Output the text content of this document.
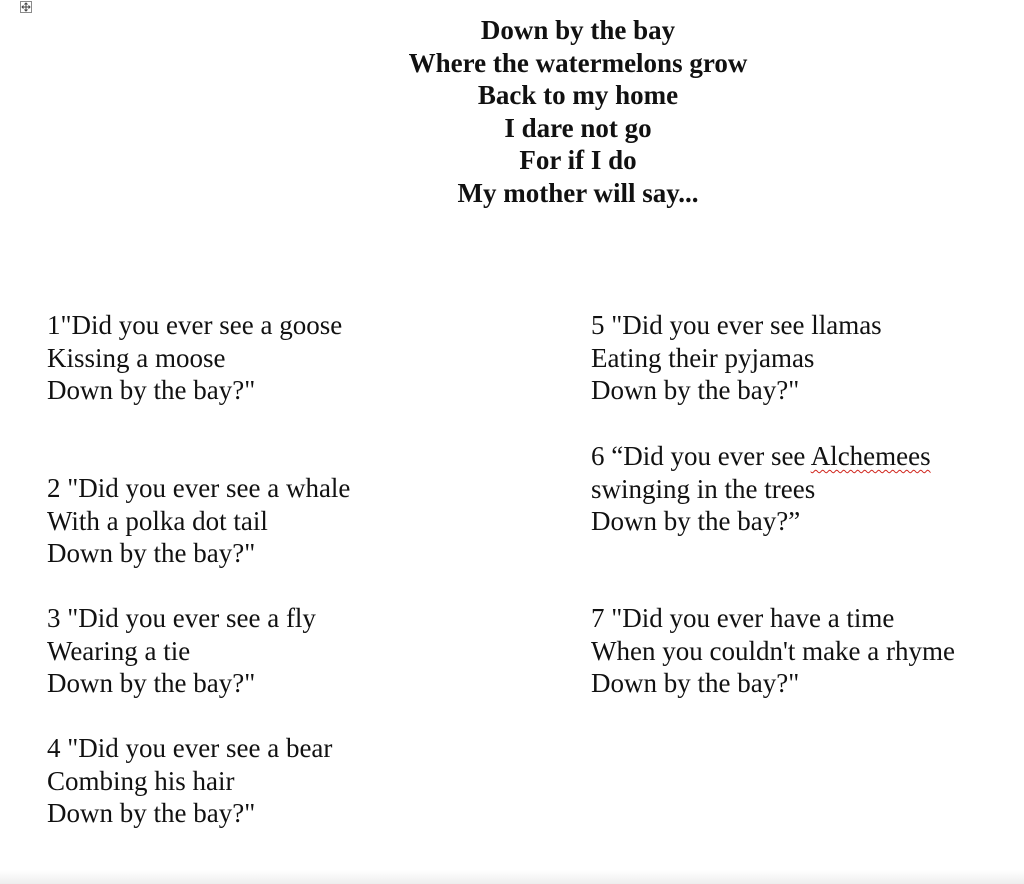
Down by the bay
Where the watermelons grow
Back to my home
I dare not go
For if I do
My mother will say...
1"Did you ever see a goose
Kissing a moose
Down by the bay?"
2 "Did you ever see a whale
With a polka dot tail
Down by the bay?"
3 "Did you ever see a fly
Wearing a tie
Down by the bay?"
4 "Did you ever see a bear
Combing his hair
Down by the bay?"
5 "Did you ever see llamas
Eating their pyjamas
Down by the bay?"
6 “Did you ever see Alchemees
swinging in the trees
Down by the bay?”
7 "Did you ever have a time
When you couldn't make a rhyme
Down by the bay?"
